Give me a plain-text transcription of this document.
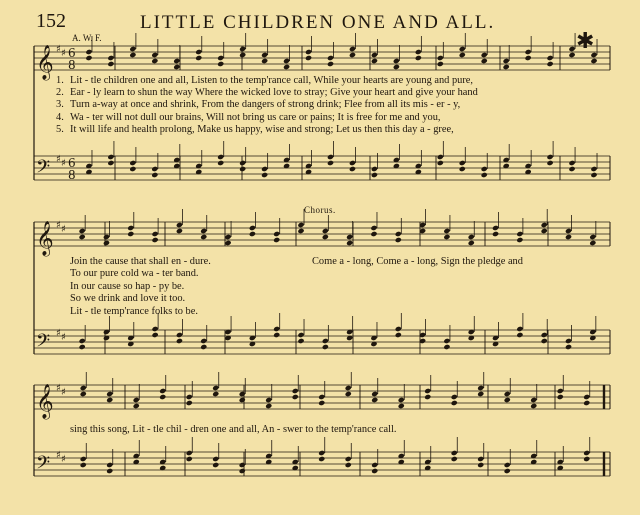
𝄞 ♯ ♯ 6
8
𝄢 ♯ ♯ 6
8
𝄞 ♯ ♯
𝄢 ♯ ♯
𝄞 ♯ ♯
𝄢 ♯ ♯
152	LITTLE CHILDREN ONE AND ALL.
A. W. F.	✱
1. Lit - tle children one and all, Listen to the temp'rance call, While your hearts are young and pure,
2. Ear - ly learn to shun the way Where the wicked love to stray; Give your heart and give your hand
3. Turn a-way at once and shrink, From the dangers of strong drink; Flee from all its mis - er - y,
4. Wa - ter will not dull our brains, Will not bring us care or pains; It is free for me and you,
5. It will life and health prolong, Make us happy, wise and strong; Let us then this day a - gree,
Chorus.
Join the cause that shall en - dure.
To our pure cold wa - ter band.
In our cause so hap - py be.
So we drink and love it too.
Lit - tle temp'rance folks to be.
Come a - long, Come a - long, Sign the pledge and
sing this song, Lit - tle chil - dren one and all, An - swer to the temp'rance call.
